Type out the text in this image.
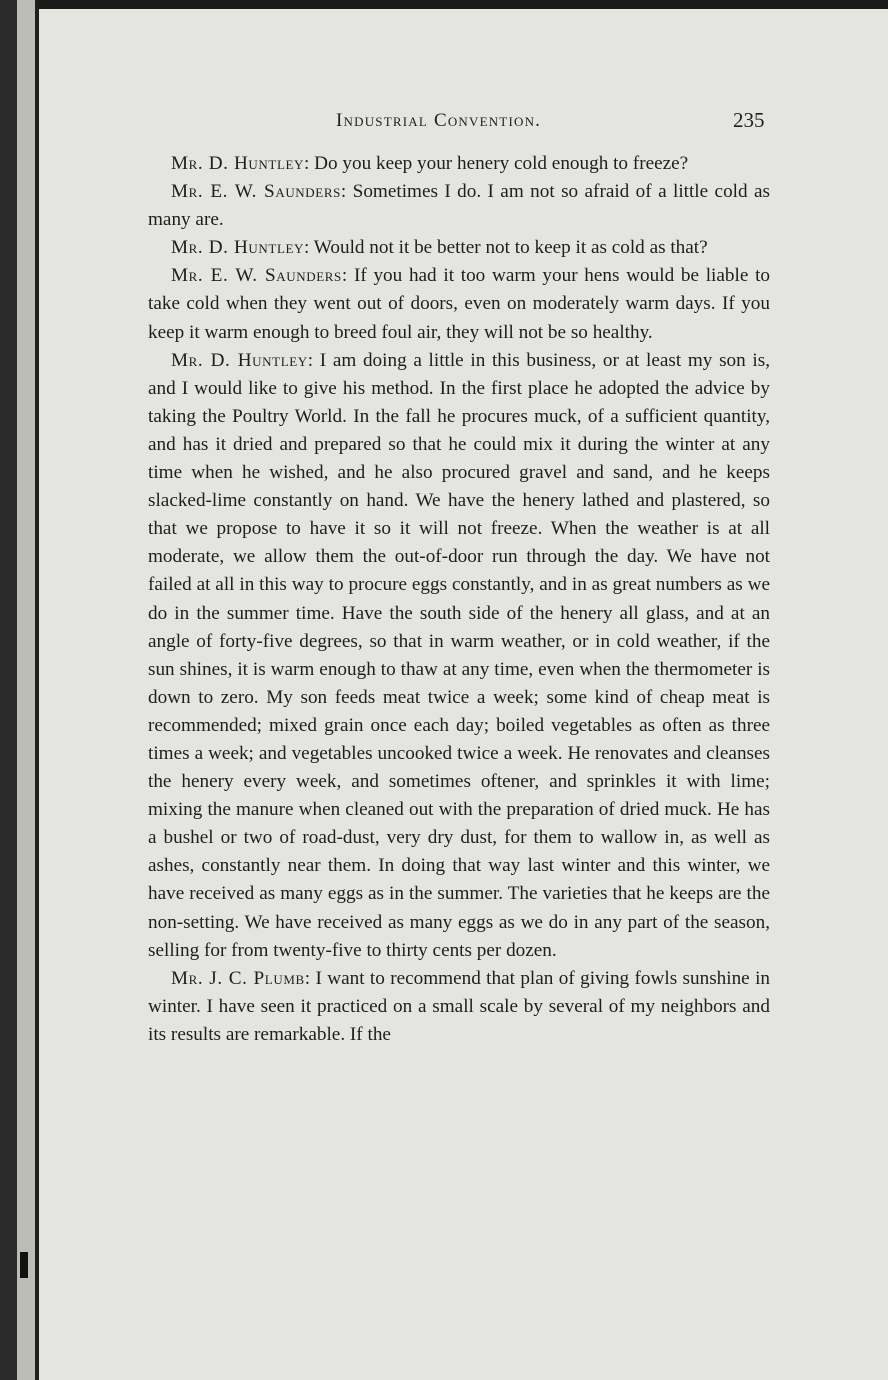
Industrial Convention.	235

Mr. D. Huntley: Do you keep your henery cold enough to freeze?

Mr. E. W. Saunders: Sometimes I do. I am not so afraid of a little cold as many are.

Mr. D. Huntley: Would not it be better not to keep it as cold as that?

Mr. E. W. Saunders: If you had it too warm your hens would be liable to take cold when they went out of doors, even on moderately warm days. If you keep it warm enough to breed foul air, they will not be so healthy.

Mr. D. Huntley: I am doing a little in this business, or at least my son is, and I would like to give his method. In the first place he adopted the advice by taking the Poultry World. In the fall he procures muck, of a sufficient quantity, and has it dried and prepared so that he could mix it during the winter at any time when he wished, and he also procured gravel and sand, and he keeps slacked-lime constantly on hand. We have the henery lathed and plastered, so that we propose to have it so it will not freeze. When the weather is at all moderate, we allow them the out-of-door run through the day. We have not failed at all in this way to procure eggs constantly, and in as great numbers as we do in the summer time. Have the south side of the henery all glass, and at an angle of forty-five degrees, so that in warm weather, or in cold weather, if the sun shines, it is warm enough to thaw at any time, even when the thermometer is down to zero. My son feeds meat twice a week; some kind of cheap meat is recommended; mixed grain once each day; boiled vegetables as often as three times a week; and vegetables uncooked twice a week. He renovates and cleanses the henery every week, and sometimes oftener, and sprinkles it with lime; mixing the manure when cleaned out with the preparation of dried muck. He has a bushel or two of road-dust, very dry dust, for them to wallow in, as well as ashes, constantly near them. In doing that way last winter and this winter, we have received as many eggs as in the summer. The varieties that he keeps are the non-setting. We have received as many eggs as we do in any part of the season, selling for from twenty-five to thirty cents per dozen.

Mr. J. C. Plumb: I want to recommend that plan of giving fowls sunshine in winter. I have seen it practiced on a small scale by several of my neighbors and its results are remarkable. If the
